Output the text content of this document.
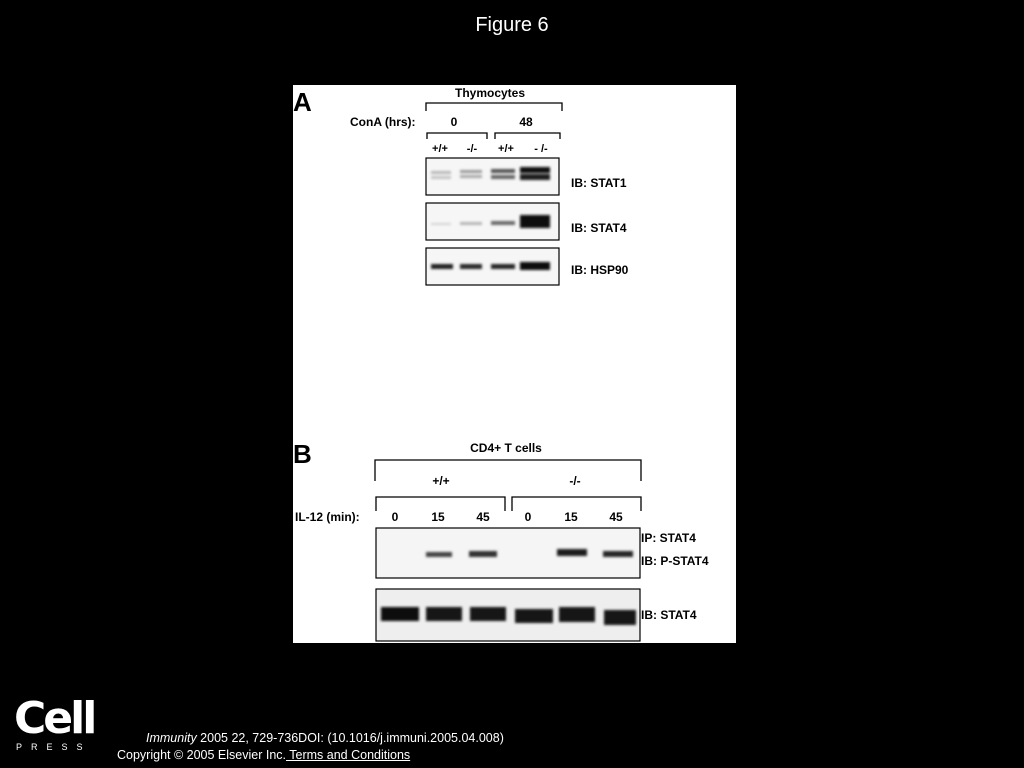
Figure 6
A	Thymocytes
ConA (hrs):	0	48
+/+ -/- +/+ - /-
IB: STAT1
IB: STAT4
IB: HSP90
B	CD4+ T cells
+/+	-/-
IL-12 (min):	0	15	45	0	15	45
IP: STAT4
IB: P-STAT4
IB: STAT4
Cell
PRESS
Immunity 2005 22, 729-736DOI: (10.1016/j.immuni.2005.04.008)
Copyright © 2005 Elsevier Inc. Terms and Conditions
